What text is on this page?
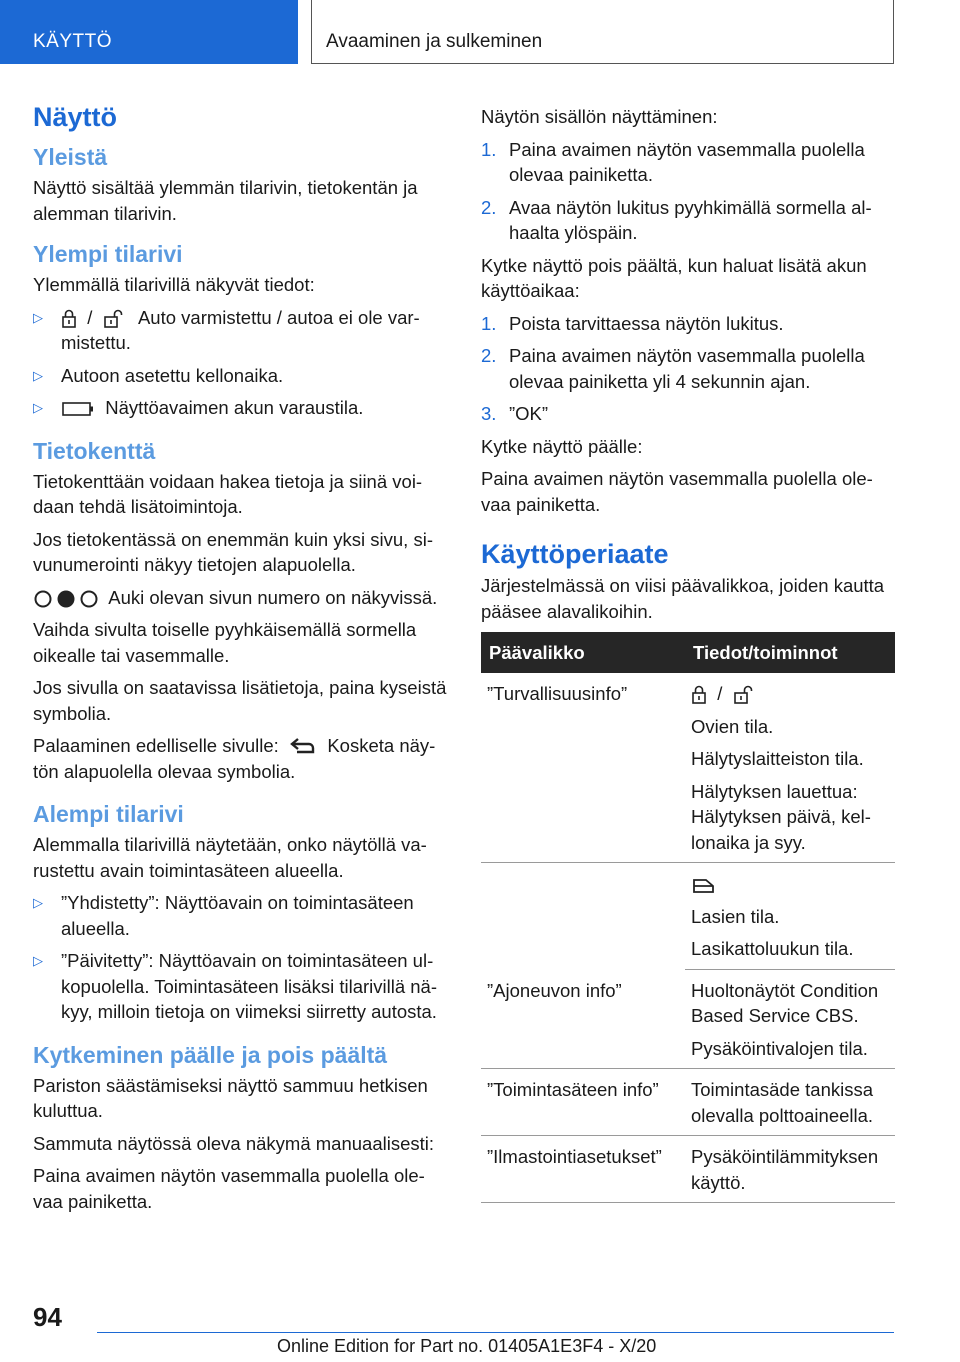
KÄYTTÖ	Avaaminen ja sulkeminen
Näyttö
Yleistä

Näyttö sisältää ylemmän tilarivin, tietokentän ja alemman tilarivin.

Ylempi tilarivi

Ylemmällä tilarivillä näkyvät tiedot:

▷ / Auto varmistettu / autoa ei ole var-mistettu.
▷ Autoon asetettu kellonaika.
▷	Näyttöavaimen akun varaustila.
Tietokenttä

Tietokenttään voidaan hakea tietoja ja siinä voi-daan tehdä lisätoimintoja.

Jos tietokentässä on enemmän kuin yksi sivu, si-vunumerointi näkyy tietojen alapuolella.

Auki olevan sivun numero on näkyvissä.

Vaihda sivulta toiselle pyyhkäisemällä sormella oikealle tai vasemmalle.

Jos sivulla on saatavissa lisätietoja, paina kyseistä symbolia.

Palaaminen edelliselle sivulle:	Kosketa näy-tön alapuolella olevaa symbolia.

Alempi tilarivi

Alemmalla tilarivillä näytetään, onko näytöllä va-rustettu avain toimintasäteen alueella.

▷ ”Yhdistetty”: Näyttöavain on toimintasäteen alueella.
▷ ”Päivitetty”: Näyttöavain on toimintasäteen ul-kopuolella. Toimintasäteen lisäksi tilarivillä nä-kyy, milloin tietoja on viimeksi siirretty autosta.
Kytkeminen päälle ja pois päältä

Pariston säästämiseksi näyttö sammuu hetkisen kuluttua.

Sammuta näytössä oleva näkymä manuaalisesti:

Paina avaimen näytön vasemmalla puolella ole-vaa painiketta.

Näytön sisällön näyttäminen:

1. Paina avaimen näytön vasemmalla puolella olevaa painiketta.
2. Avaa näytön lukitus pyyhkimällä sormella al-haalta ylöspäin.

Kytke näyttö pois päältä, kun haluat lisätä akun käyttöaikaa:

1. Poista tarvittaessa näytön lukitus.
2. Paina avaimen näytön vasemmalla puolella olevaa painiketta yli 4 sekunnin ajan.
3. ”OK”

Kytke näyttö päälle:

Paina avaimen näytön vasemmalla puolella ole-vaa painiketta.

Käyttöperiaate

Järjestelmässä on viisi päävalikkoa, joiden kautta pääsee alavalikoihin.

Päävalikko	Tiedot/toiminnot
”Turvallisuusinfo”	/
Ovien tila.
Hälytyslaitteiston tila.
Hälytyksen lauettua: Hälytyksen päivä, kel-lonaika ja syy.

	Lasien tila.
Lasikattoluukun tila.

”Ajoneuvon info”	Huoltonäytöt Condition Based Service CBS.
Pysäköintivalojen tila.

”Toimintasäteen info”	Toimintasäde tankissa olevalla polttoaineella.
”Ilmastointiasetukset”	Pysäköintilämmityksen käyttö.
94
Online Edition for Part no. 01405A1E3F4 - X/20
